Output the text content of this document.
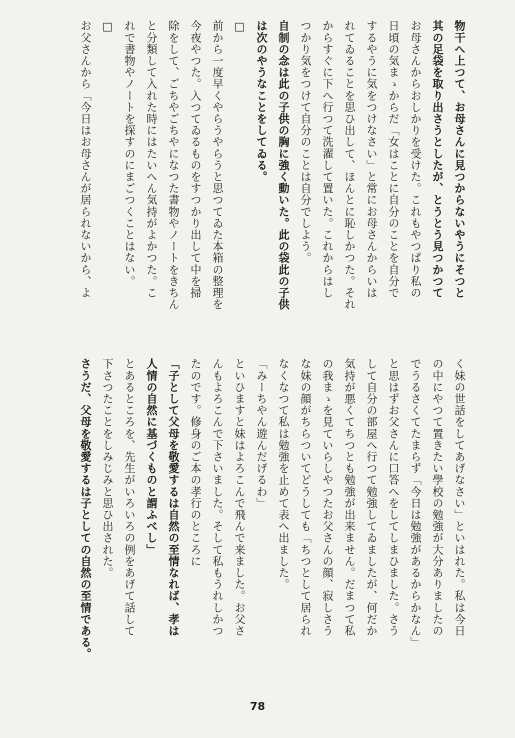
物干へ上つて、お母さんに見つからないやうにそつと
其の足袋を取り出さうとしたが、とうとう見つかつて
お母さんからおしかりを受けた。これもやつぱり私の
日頃の気まゝからだ「女はことに自分のことを自分で
するやうに気をつけなさい」と常にお母さんからいは
れてゐることを思ひ出して、ほんとに恥しかつた。それ
からすぐに下へ行つて洗濯して置いた。これからはし
つかり気をつけて自分のことは自分でしよう。
自制の念は此の子供の胸に強く動いた。此の袋此の子供
は次のやうなことをしてゐる。
□
前から一度早くやらうやらうと思つてゐた本箱の整理を
今夜やつた。入つてゐるものをすつかり出して中を掃
除をして、ごちやごちやになつた書物やノートをきちん
と分類して入れた時にはたいへん気持がよかつた。こ
れで書物やノートを探すのにまごつくことはない。
□
お父さんから「今日はお母さんが居られないから、よ
く妹の世話をしてあげなさい」といはれた。私は今日
の中にやつて置きたい學校の勉強が大分ありましたの
でうるさくてたまらず「今日は勉強があるからかなん」
と思はずお父さんに口答へをしてしまひました。さう
して自分の部屋へ行つて勉強してゐましたが、何だか
気持が悪くてちつとも勉強が出来ません。だまつて私
の我まゝを見ていらしやつたお父さんの顔、寂しさう
な妹の顔がちらついてどうしても「ちつとして居られ
なくなつて私は勉強を止めて表へ出ました。
「みーちやん遊んだげるわ」
といひますと妹はよろこんで飛んで来ました。お父さ
んもよろこんで下さいました。そして私もうれしかつ
たのです。修身のご本の孝行のところに
「子として父母を敬愛するは自然の至情なれば、孝は
人情の自然に基づくものと謂ふべし」
とあるところを、先生がいろいろの例をあげて話して
下さつたことをしみじみと思ひ出された。
さうだ、父母を敬愛するは子としての自然の至情である。
78
